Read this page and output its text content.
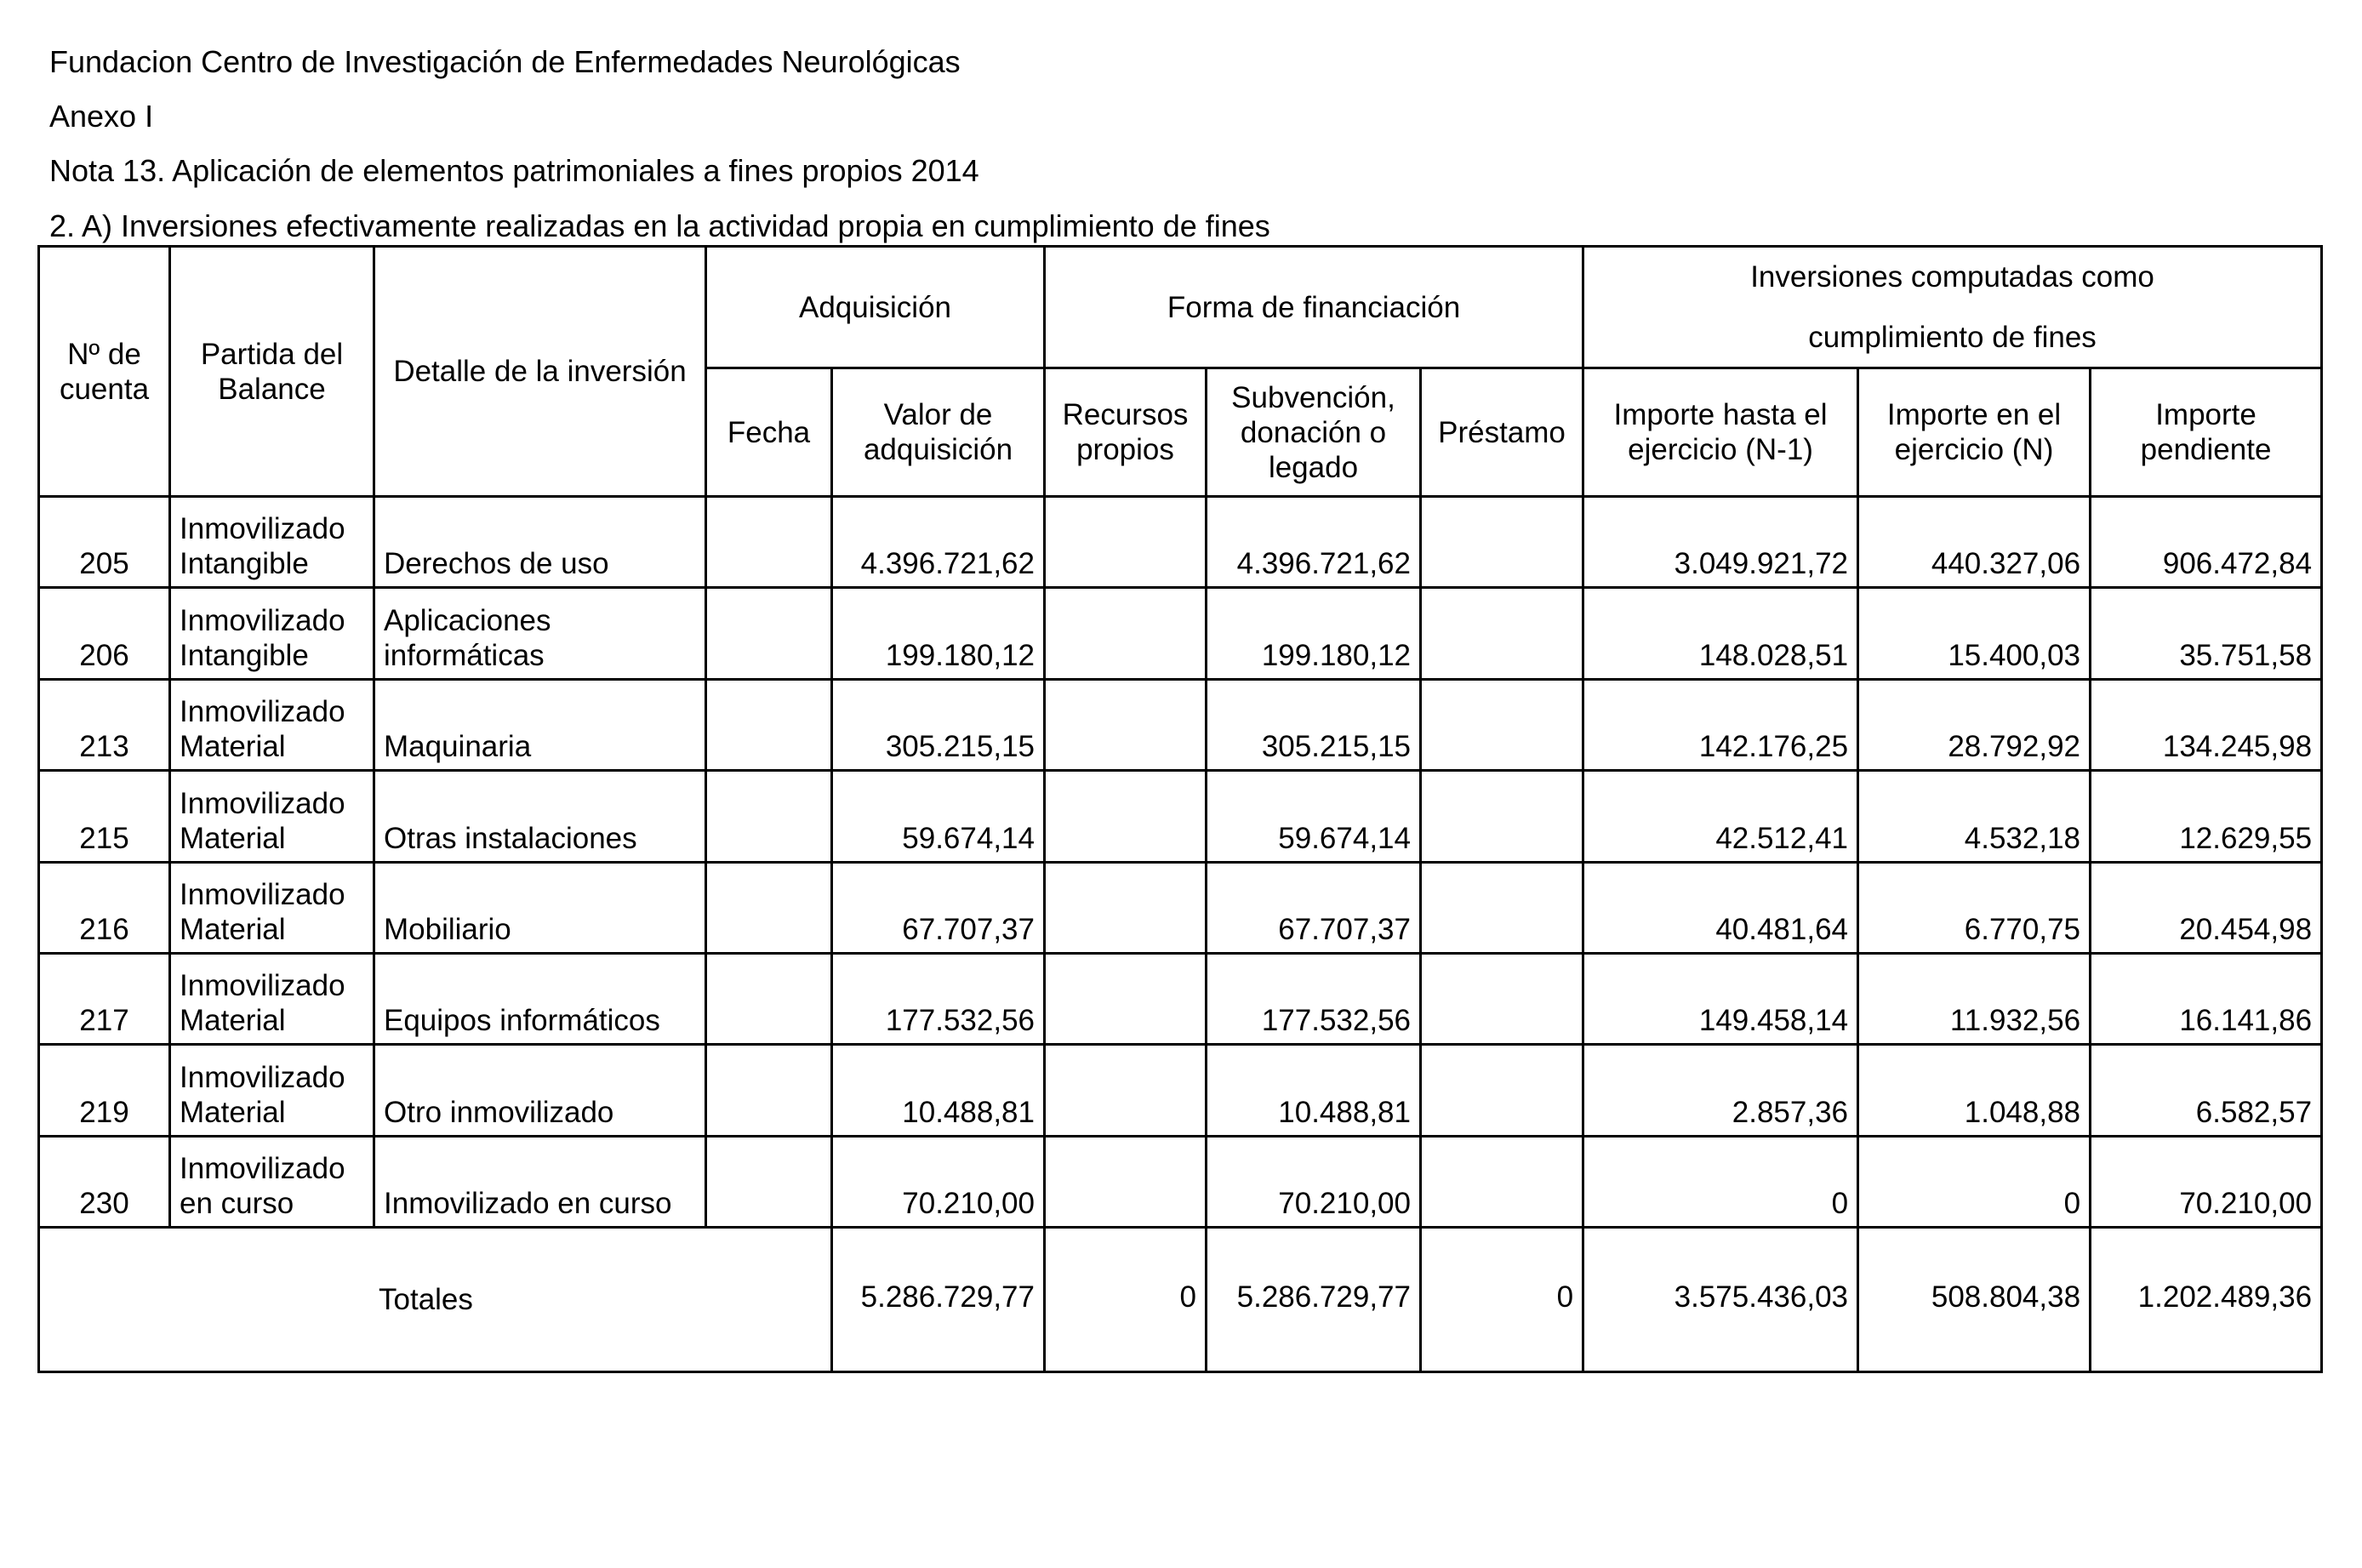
Fundacion Centro de Investigación de Enfermedades Neurológicas
Anexo I
Nota 13. Aplicación de elementos patrimoniales a fines propios 2014
2. A) Inversiones efectivamente realizadas en la actividad propia en cumplimiento de fines
Nº de cuenta	Partida del Balance	Detalle de la inversión	Adquisición		Forma de financiación			Inversiones computadas como
cumplimiento de fines		

			Fecha	Valor de adquisición	Recursos propios	Subvención, donación o legado	Préstamo	Importe hasta el ejercicio (N-1)	Importe en el ejercicio (N)	Importe pendiente
205	Inmovilizado Intangible	Derechos de uso		4.396.721,62		4.396.721,62		3.049.921,72	440.327,06	906.472,84
206	Inmovilizado Intangible	Aplicaciones informáticas		199.180,12		199.180,12		148.028,51	15.400,03	35.751,58
213	Inmovilizado Material	Maquinaria		305.215,15		305.215,15		142.176,25	28.792,92	134.245,98
215	Inmovilizado Material	Otras instalaciones		59.674,14		59.674,14		42.512,41	4.532,18	12.629,55
216	Inmovilizado Material	Mobiliario		67.707,37		67.707,37		40.481,64	6.770,75	20.454,98
217	Inmovilizado Material	Equipos informáticos		177.532,56		177.532,56		149.458,14	11.932,56	16.141,86
219	Inmovilizado Material	Otro inmovilizado		10.488,81		10.488,81		2.857,36	1.048,88	6.582,57
230	Inmovilizado en curso	Inmovilizado en curso		70.210,00		70.210,00		0	0	70.210,00
Totales				5.286.729,77	0	5.286.729,77	0	3.575.436,03	508.804,38	1.202.489,36
